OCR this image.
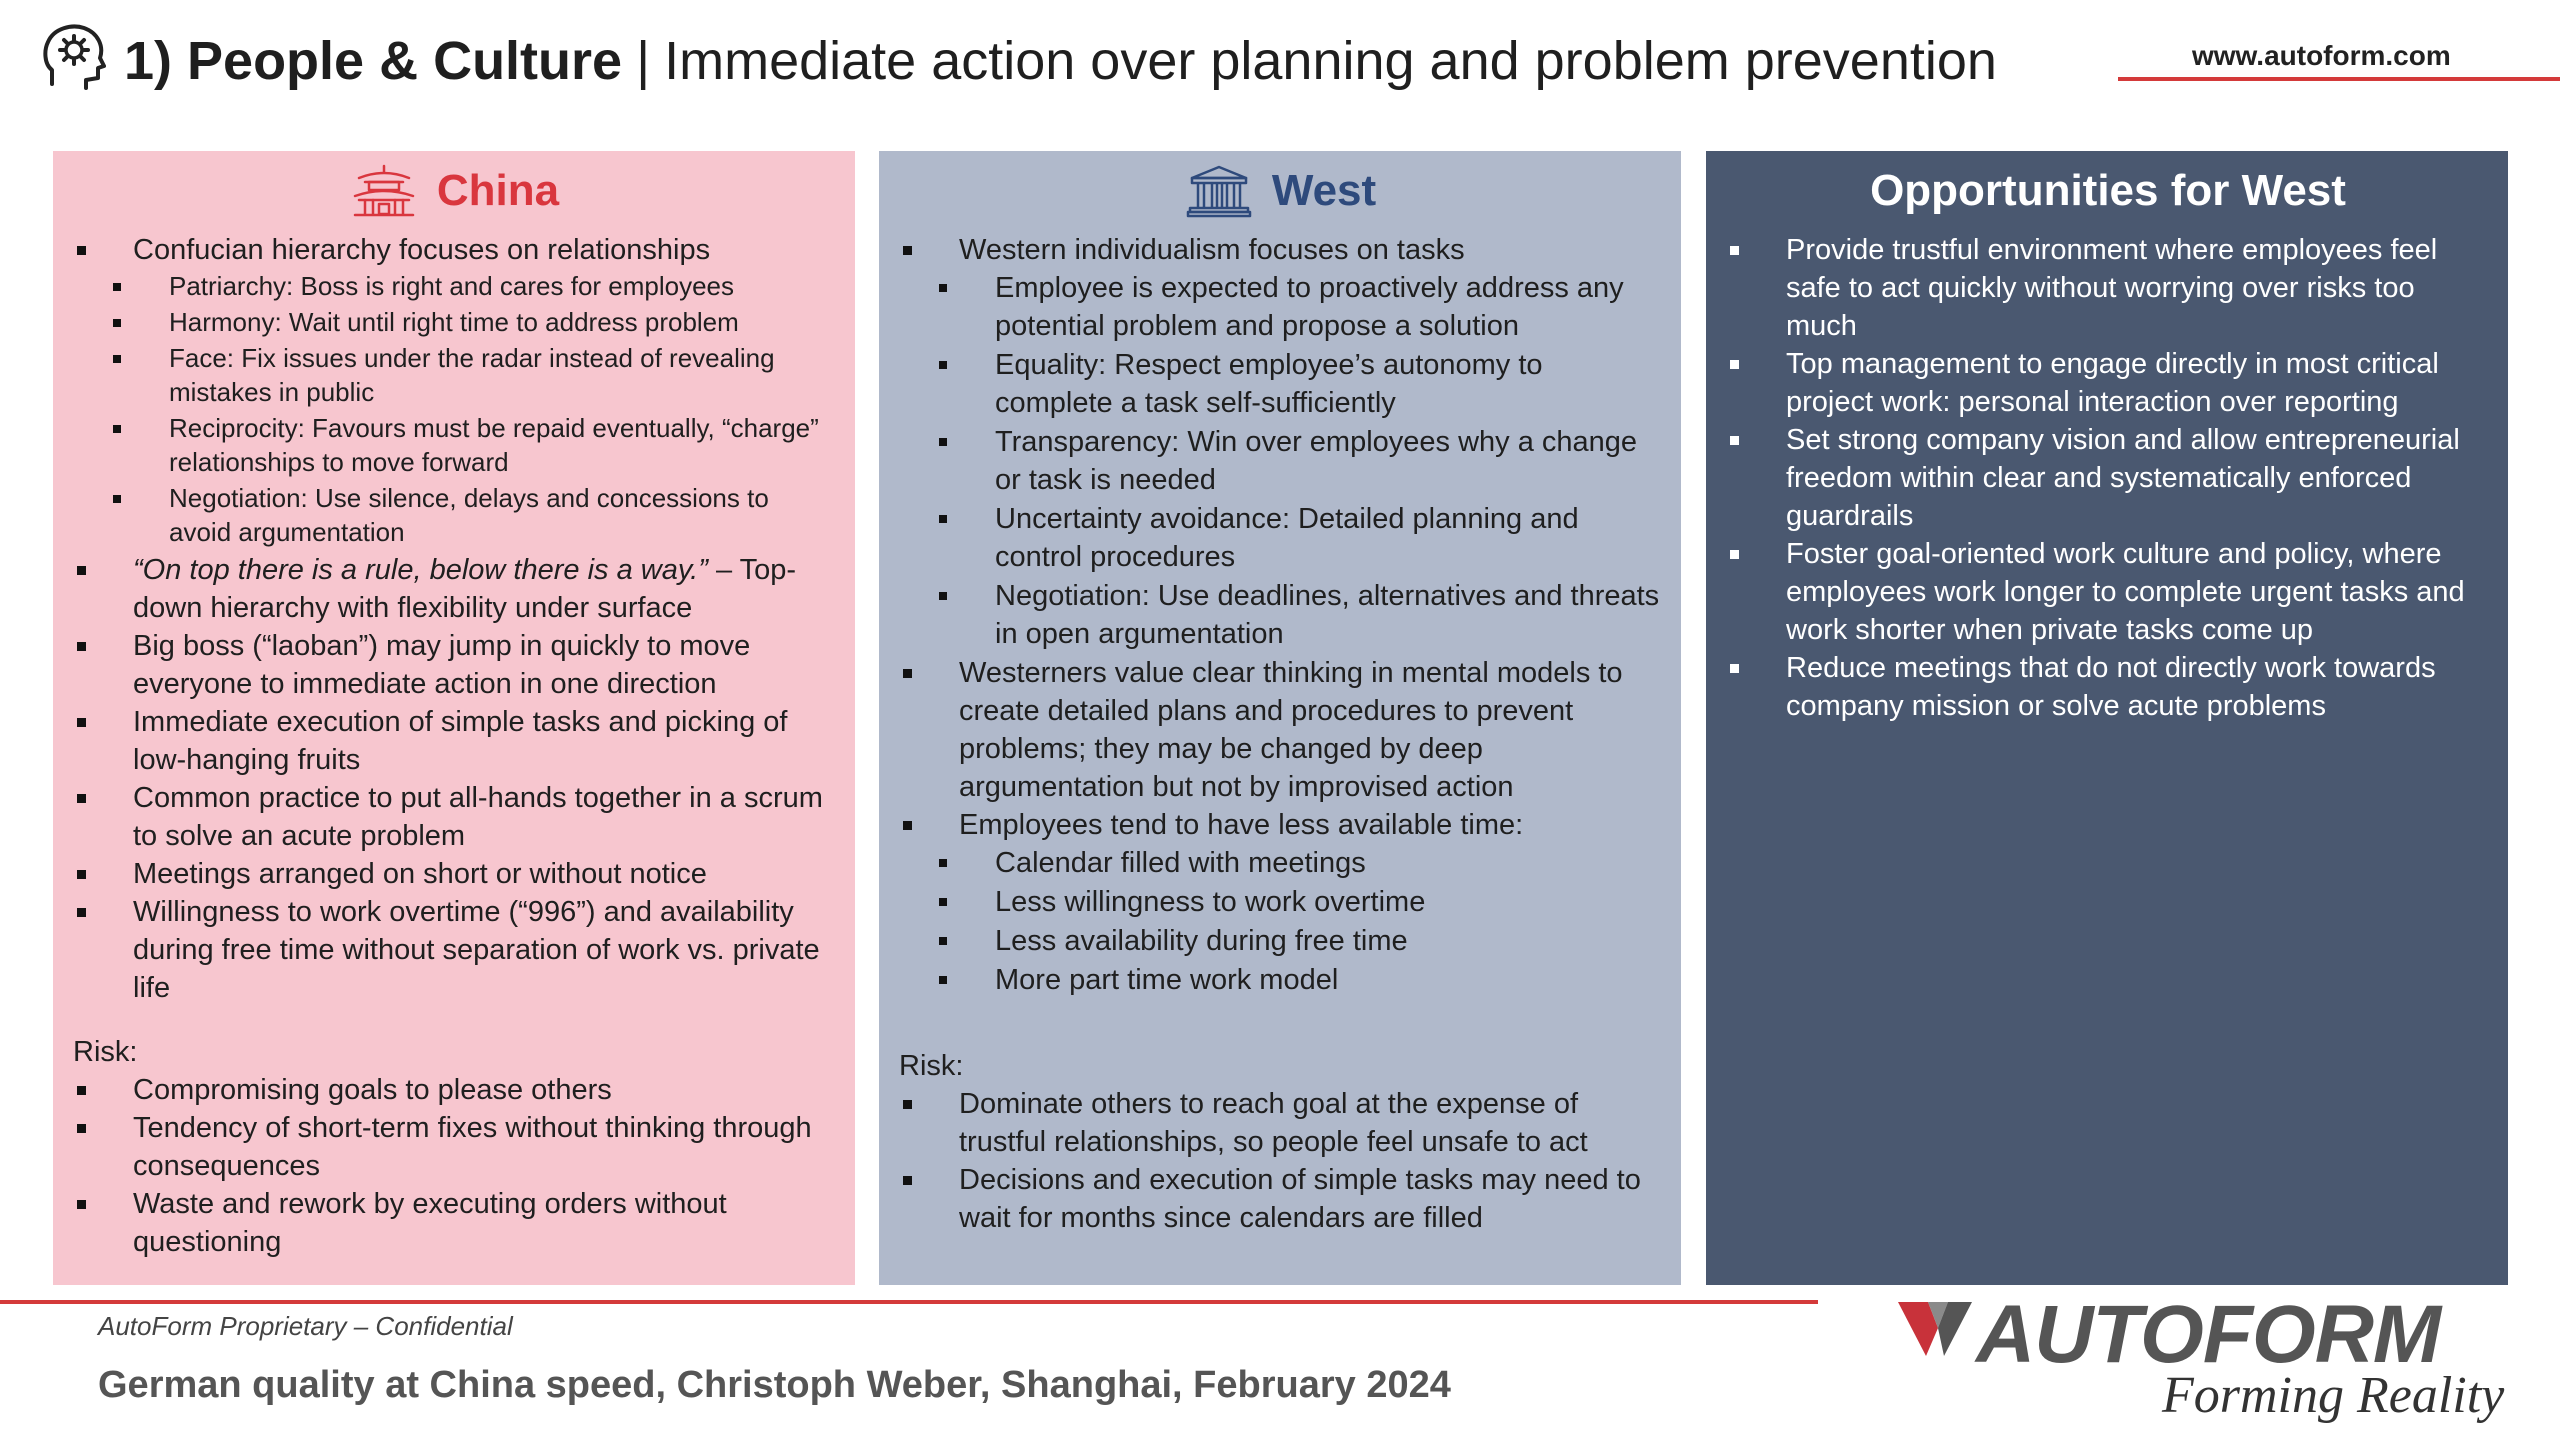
1) People & Culture | Immediate action over planning and problem prevention	www.autoform.com
China
Confucian hierarchy focuses on relationships
Patriarchy: Boss is right and cares for employees
Harmony: Wait until right time to address problem
Face: Fix issues under the radar instead of revealing mistakes in public
Reciprocity: Favours must be repaid eventually, “charge” relationships to move forward
Negotiation: Use silence, delays and concessions to avoid argumentation
“On top there is a rule, below there is a way.” – Top-down hierarchy with flexibility under surface
Big boss (“laoban”) may jump in quickly to move everyone to immediate action in one direction
Immediate execution of simple tasks and picking of low-hanging fruits
Common practice to put all-hands together in a scrum to solve an acute problem
Meetings arranged on short or without notice
Willingness to work overtime (“996”) and availability during free time without separation of work vs. private life
Risk:
Compromising goals to please others
Tendency of short-term fixes without thinking through consequences
Waste and rework by executing orders without questioning
West
Western individualism focuses on tasks
Employee is expected to proactively address any potential problem and propose a solution
Equality: Respect employee’s autonomy to complete a task self-sufficiently
Transparency: Win over employees why a change or task is needed
Uncertainty avoidance: Detailed planning and control procedures
Negotiation: Use deadlines, alternatives and threats in open argumentation
Westerners value clear thinking in mental models to create detailed plans and procedures to prevent problems; they may be changed by deep argumentation but not by improvised action
Employees tend to have less available time:
Calendar filled with meetings
Less willingness to work overtime
Less availability during free time
More part time work model
Risk:
Dominate others to reach goal at the expense of trustful relationships, so people feel unsafe to act
Decisions and execution of simple tasks may need to wait for months since calendars are filled
Opportunities for West
Provide trustful environment where employees feel safe to act quickly without worrying over risks too much
Top management to engage directly in most critical project work: personal interaction over reporting
Set strong company vision and allow entrepreneurial freedom within clear and systematically enforced guardrails
Foster goal-oriented work culture and policy, where employees work longer to complete urgent tasks and work shorter when private tasks come up
Reduce meetings that do not directly work towards company mission or solve acute problems
AutoForm Proprietary – Confidential
German quality at China speed, Christoph Weber, Shanghai, February 2024
AUTOFORM
Forming Reality
